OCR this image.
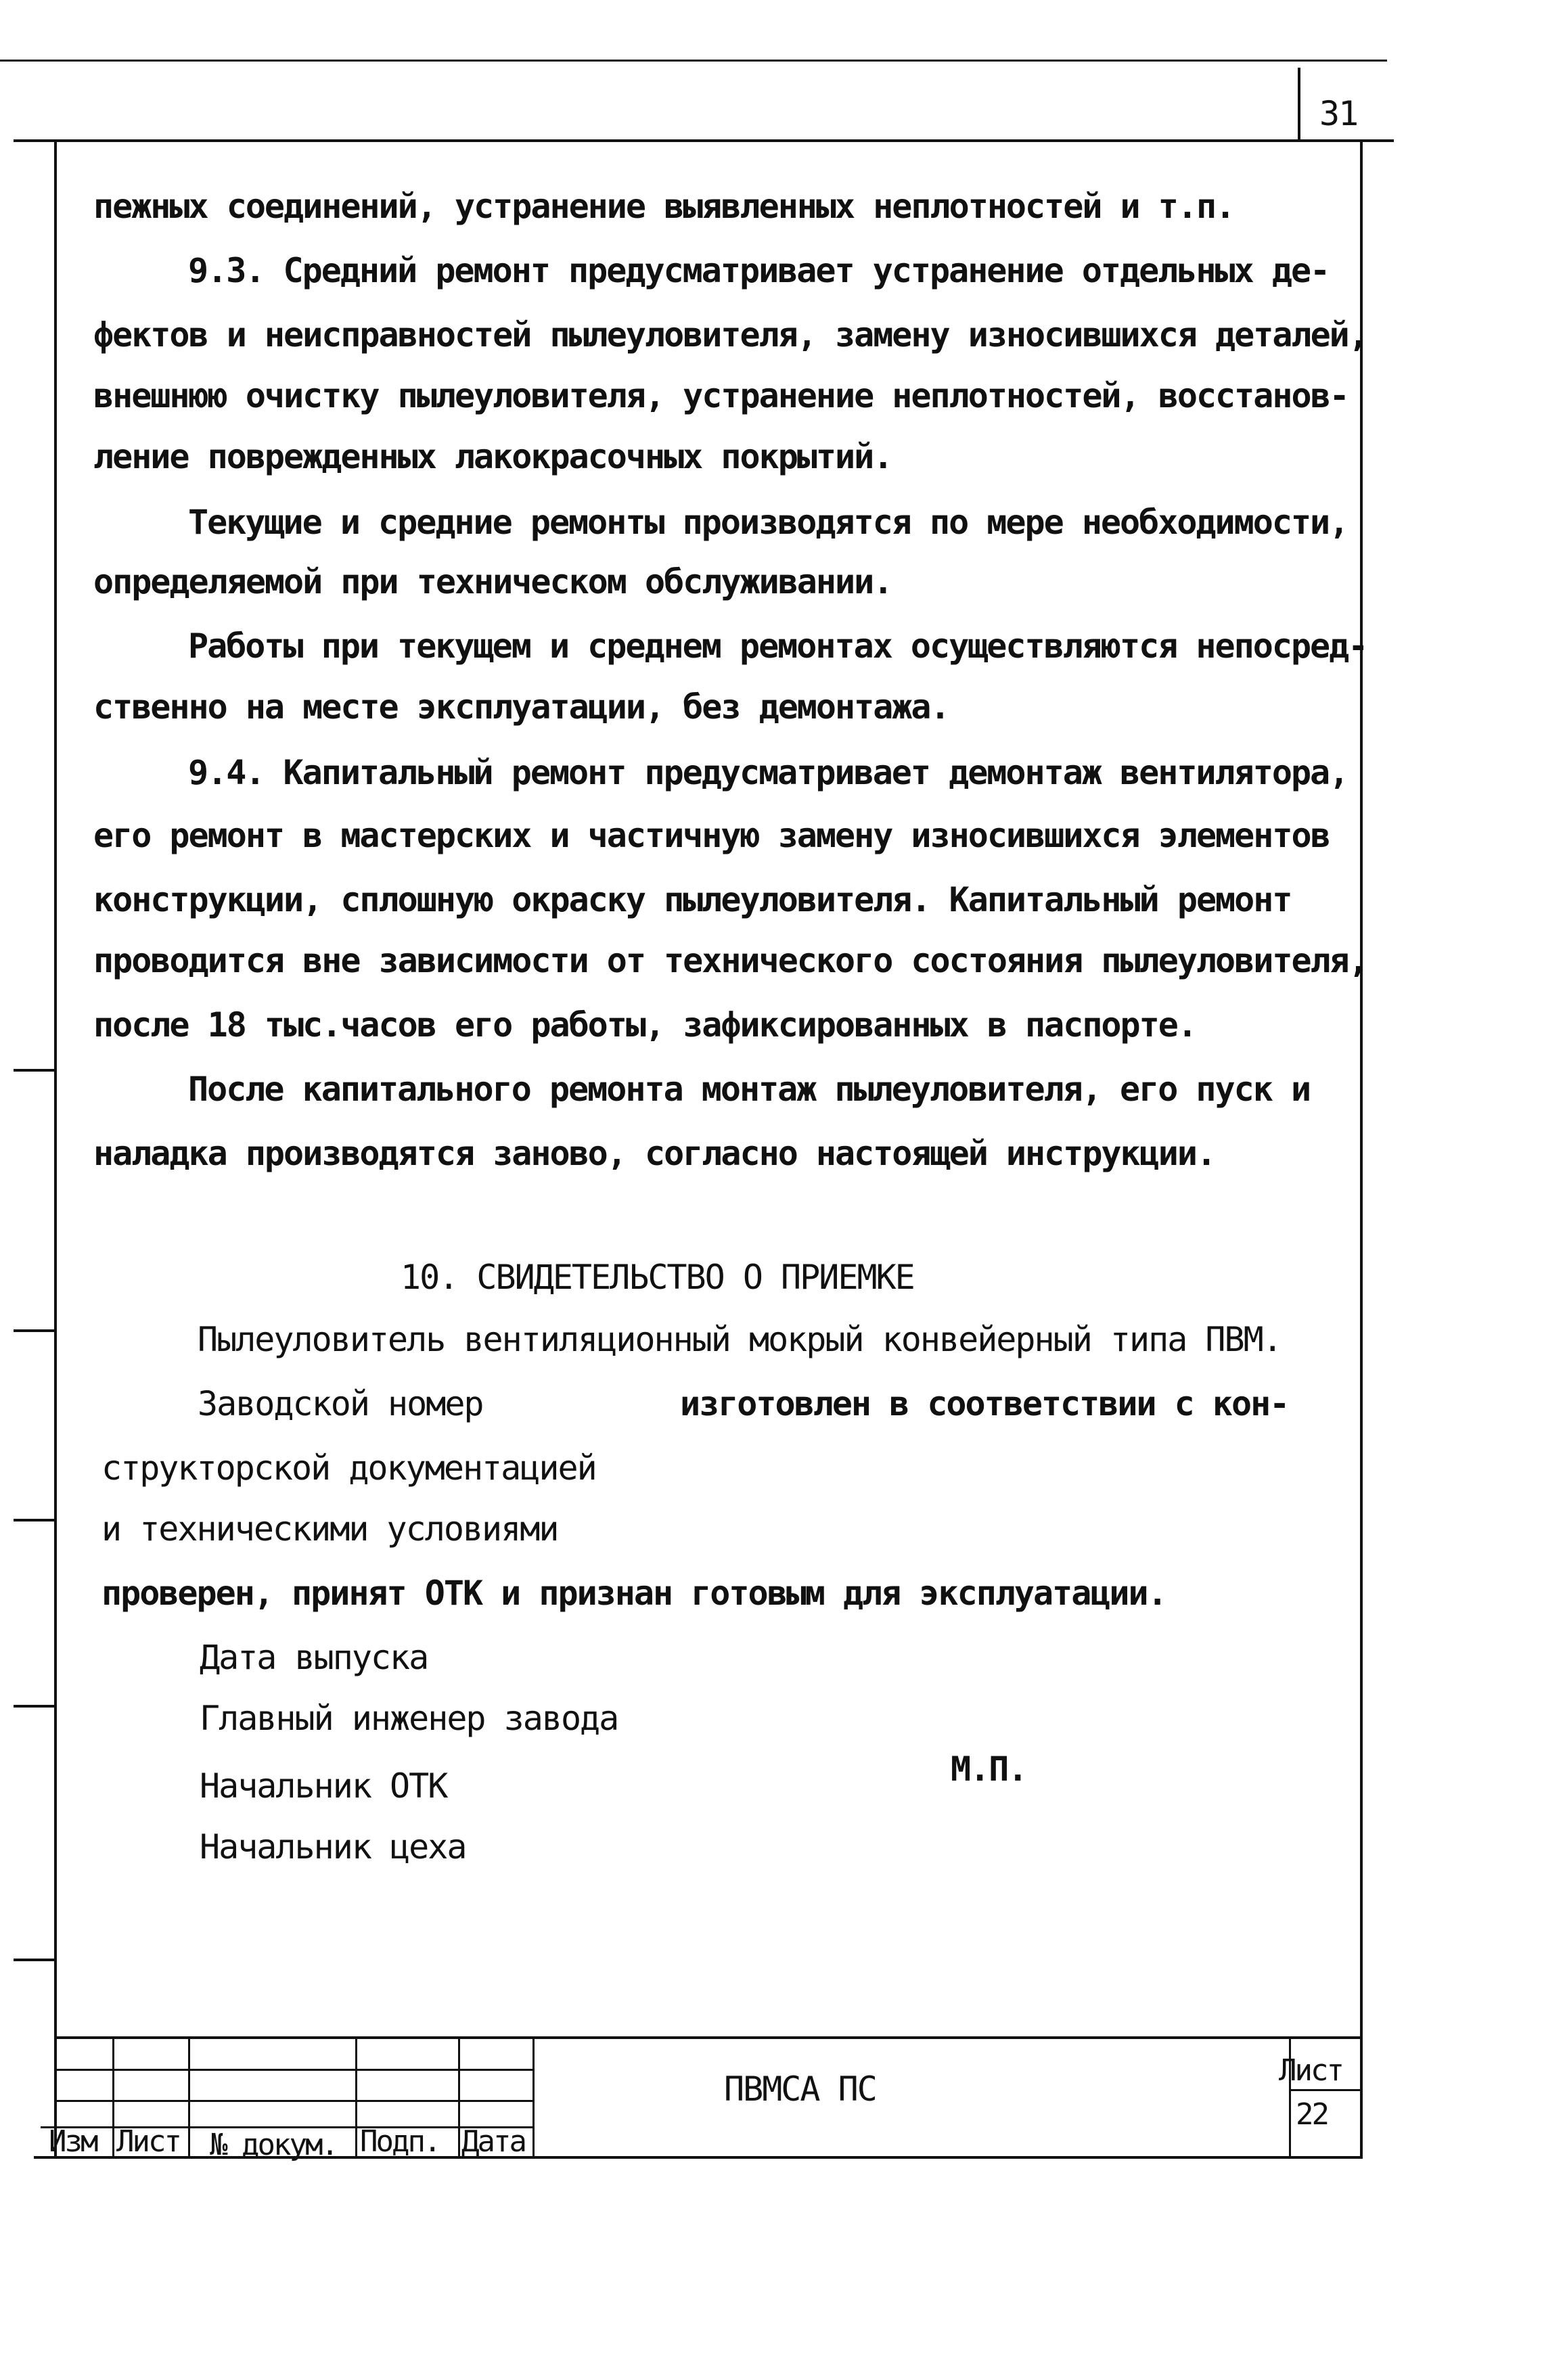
31
пежных соединений, устранение выявленных неплотностей и т.п.
9.3. Средний ремонт предусматривает устранение отдельных де-
фектов и неисправностей пылеуловителя, замену износившихся деталей,
внешнюю очистку пылеуловителя, устранение неплотностей, восстанов-
ление поврежденных лакокрасочных покрытий.
Текущие и средние ремонты производятся по мере необходимости,
определяемой при техническом обслуживании.
Работы при текущем и среднем ремонтах осуществляются непосред-
ственно на месте эксплуатации, без демонтажа.
9.4. Капитальный ремонт предусматривает демонтаж вентилятора,
его ремонт в мастерских и частичную замену износившихся элементов
конструкции, сплошную окраску пылеуловителя. Капитальный ремонт
проводится вне зависимости от технического состояния пылеуловителя,
после 18 тыс.часов его работы, зафиксированных в паспорте.
После капитального ремонта монтаж пылеуловителя, его пуск и
наладка производятся заново, согласно настоящей инструкции.
10. СВИДЕТЕЛЬСТВО О ПРИЕМКЕ
Пылеуловитель вентиляционный мокрый конвейерный типа ПВМ.
Заводской номер	изготовлен в соответствии с кон-
структорской документацией
и техническими условиями
проверен, принят ОТК и признан готовым для эксплуатации.
Дата выпуска
Главный инженер завода
Начальник ОТК
Начальник цеха
М.П.
Изм Лист № докум. Подп. Дата
ПВМСА ПС	Лист
22
